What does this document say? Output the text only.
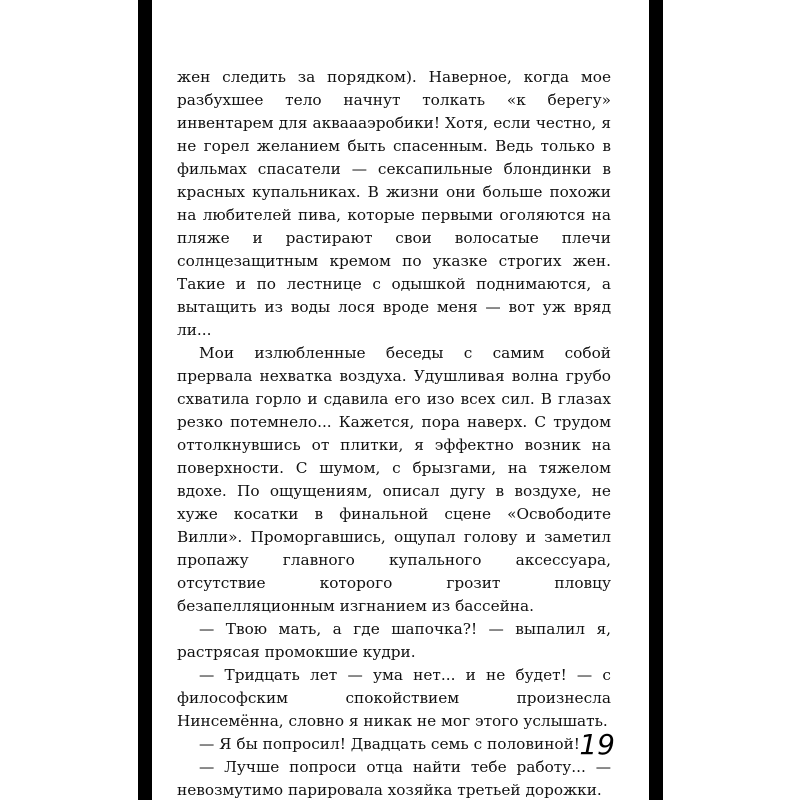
жен следить за порядком). Наверное, когда мое разбухшее тело начнут толкать «к берегу» инвентарем для акваааэробики! Хотя, если честно, я не горел желанием быть спасенным. Ведь только в фильмах спасатели — сексапильные блондинки в красных купальниках. В жизни они больше похожи на любителей пива, которые первыми оголяются на пляже и растирают свои волосатые плечи солнцезащитным кремом по указке строгих жен. Такие и по лестнице с одышкой поднимаются, а вытащить из воды лося вроде меня — вот уж вряд ли...

Мои излюбленные беседы с самим собой прервала нехватка воздуха. Удушливая волна грубо схватила горло и сдавила его изо всех сил. В глазах резко потемнело... Кажется, пора наверх. С трудом оттолкнувшись от плитки, я эффектно возник на поверхности. С шумом, с брызгами, на тяжелом вдохе. По ощущениям, описал дугу в воздухе, не хуже косатки в финальной сцене «Освободите Вилли». Проморгавшись, ощупал голову и заметил пропажу главного купального аксессуара, отсутствие которого грозит пловцу безапелляционным изгнанием из бассейна.

— Твою мать, а где шапочка?! — выпалил я, растрясая промокшие кудри.

— Тридцать лет — ума нет... и не будет! — с философским спокойствием произнесла Нинсемённа, словно я никак не мог этого услышать.

— Я бы попросил! Двадцать семь с половиной!

— Лучше попроси отца найти тебе работу... — невозмутимо парировала хозяйка третьей дорожки.

19
